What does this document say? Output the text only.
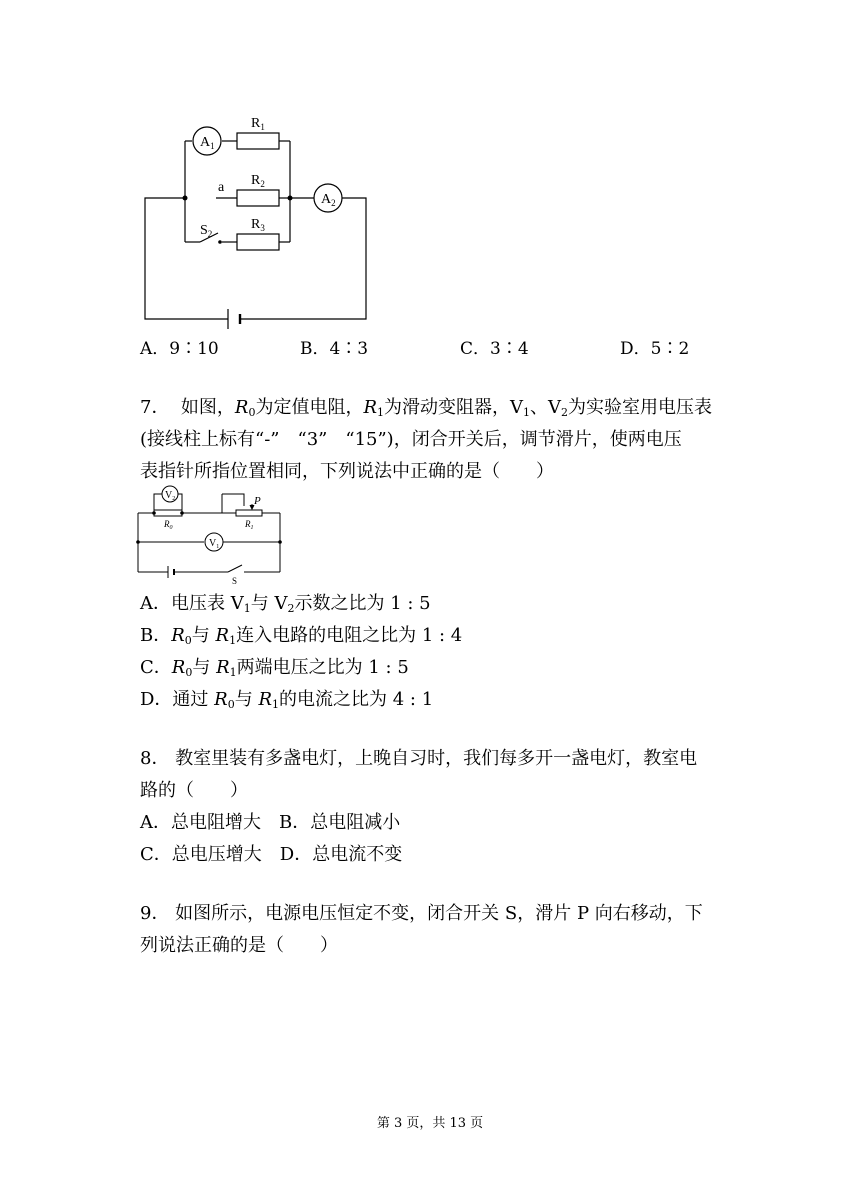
$A_1$
$A_2$
$R_1$
$R_2$
$R_3$
a
$S_2$
A．9∶10	B．4∶3	C．3∶4	D．5∶2
7． 如图，$R_0$为定值电阻，$R_1$为滑动变阻器，$V_1$、$V_2$为实验室用电压表
(接线柱上标有“‑”　“3”　“15”)，闭合开关后，调节滑片，使两电压
表指针所指位置相同，下列说法中正确的是（　　）
$V_2$
$V_1$
P
$R_0$	$R_1$
S
A．电压表 $V_1$与 $V_2$示数之比为 1 : 5
B．$R_0$与 $R_1$连入电路的电阻之比为 1 : 4
C．$R_0$与 $R_1$两端电压之比为 1 : 5
D．通过 $R_0$与 $R_1$的电流之比为 4 : 1
8． 教室里装有多盏电灯，上晚自习时，我们每多开一盏电灯，教室电
路的（　　）
A．总电阻增大　B．总电阻减小
C．总电压增大　D．总电流不变
9． 如图所示，电源电压恒定不变，闭合开关 S，滑片 P 向右移动，下
列说法正确的是（　　）
第 3 页，共 13 页
